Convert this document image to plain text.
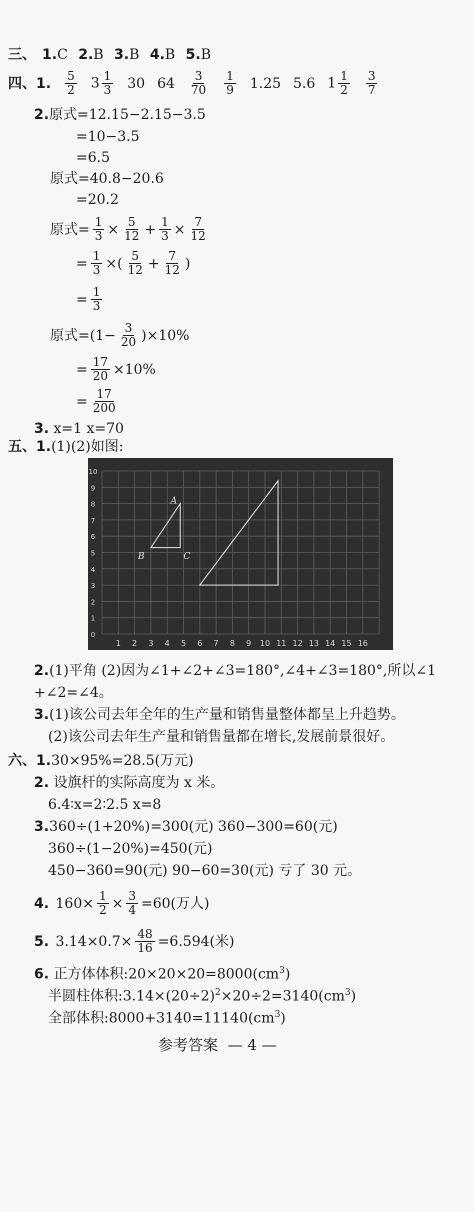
三、 1.C 2.B 3.B 4.B 5.B
四、1. $\frac{5}{2} 3 \frac{1}{3} 30$ $64 \frac{3}{70} \frac{1}{9} 1.25$ 5.6 $1 \frac{1}{2} \frac{3}{7}$
2.原式=12.15−2.15−3.5
=10−3.5
=6.5
原式=40.8−20.6
=20.2
原式= $\frac{1}{3} \times \frac{5}{12} + \frac{1}{3} \times \frac{7}{12}$
= $\frac{1}{3}$ ×( $\frac{5}{12} + \frac{7}{12}$ )
= $\frac{1}{3}$
原式$=(1- \frac{3}{20} )\times 10\%$
= $\frac{17}{20} \times 10\%$
= $\frac{17}{200}$
3. x=1 x=70
五、1.(1)(2)如图:
1 2 3 4 5 6 7 8 9 10 11 12 13 14 15 16
10
9
8
7
6
5
4
3
2
1
0
A
B	C
2.(1)平角 (2)因为∠1+∠2+∠3=180°,∠4+∠3=180°,所以∠1
+∠2=∠4。
3.(1)该公司去年全年的生产量和销售量整体都呈上升趋势。
(2)该公司去年生产量和销售量都在增长,发展前景很好。
六、1.30×95%=28.5(万元)
2. 设旗杆的实际高度为 x 米。
6.4∶x=2∶2.5 x=8
3.360÷(1+20%)=300(元) 360−300=60(元)
360÷(1−20%)=450(元)
450−360=90(元) 90−60=30(元) 亏了 30 元。
4.
$160\times \frac{1}{2} \times \frac{3}{4} =60$(万人)
5.
$3.14\times 0.7\times \frac{48}{16} =6.594$(米)
6. 正方体体积$:20\times 20\times 20=8000(cm^3)$
半圆柱体积$:3.14\times(20\div 2)^2\times 20\div 2=3140(cm^3)$
全部体积$:8000+3140=11140(cm^3)$
参考答案 — 4 —
